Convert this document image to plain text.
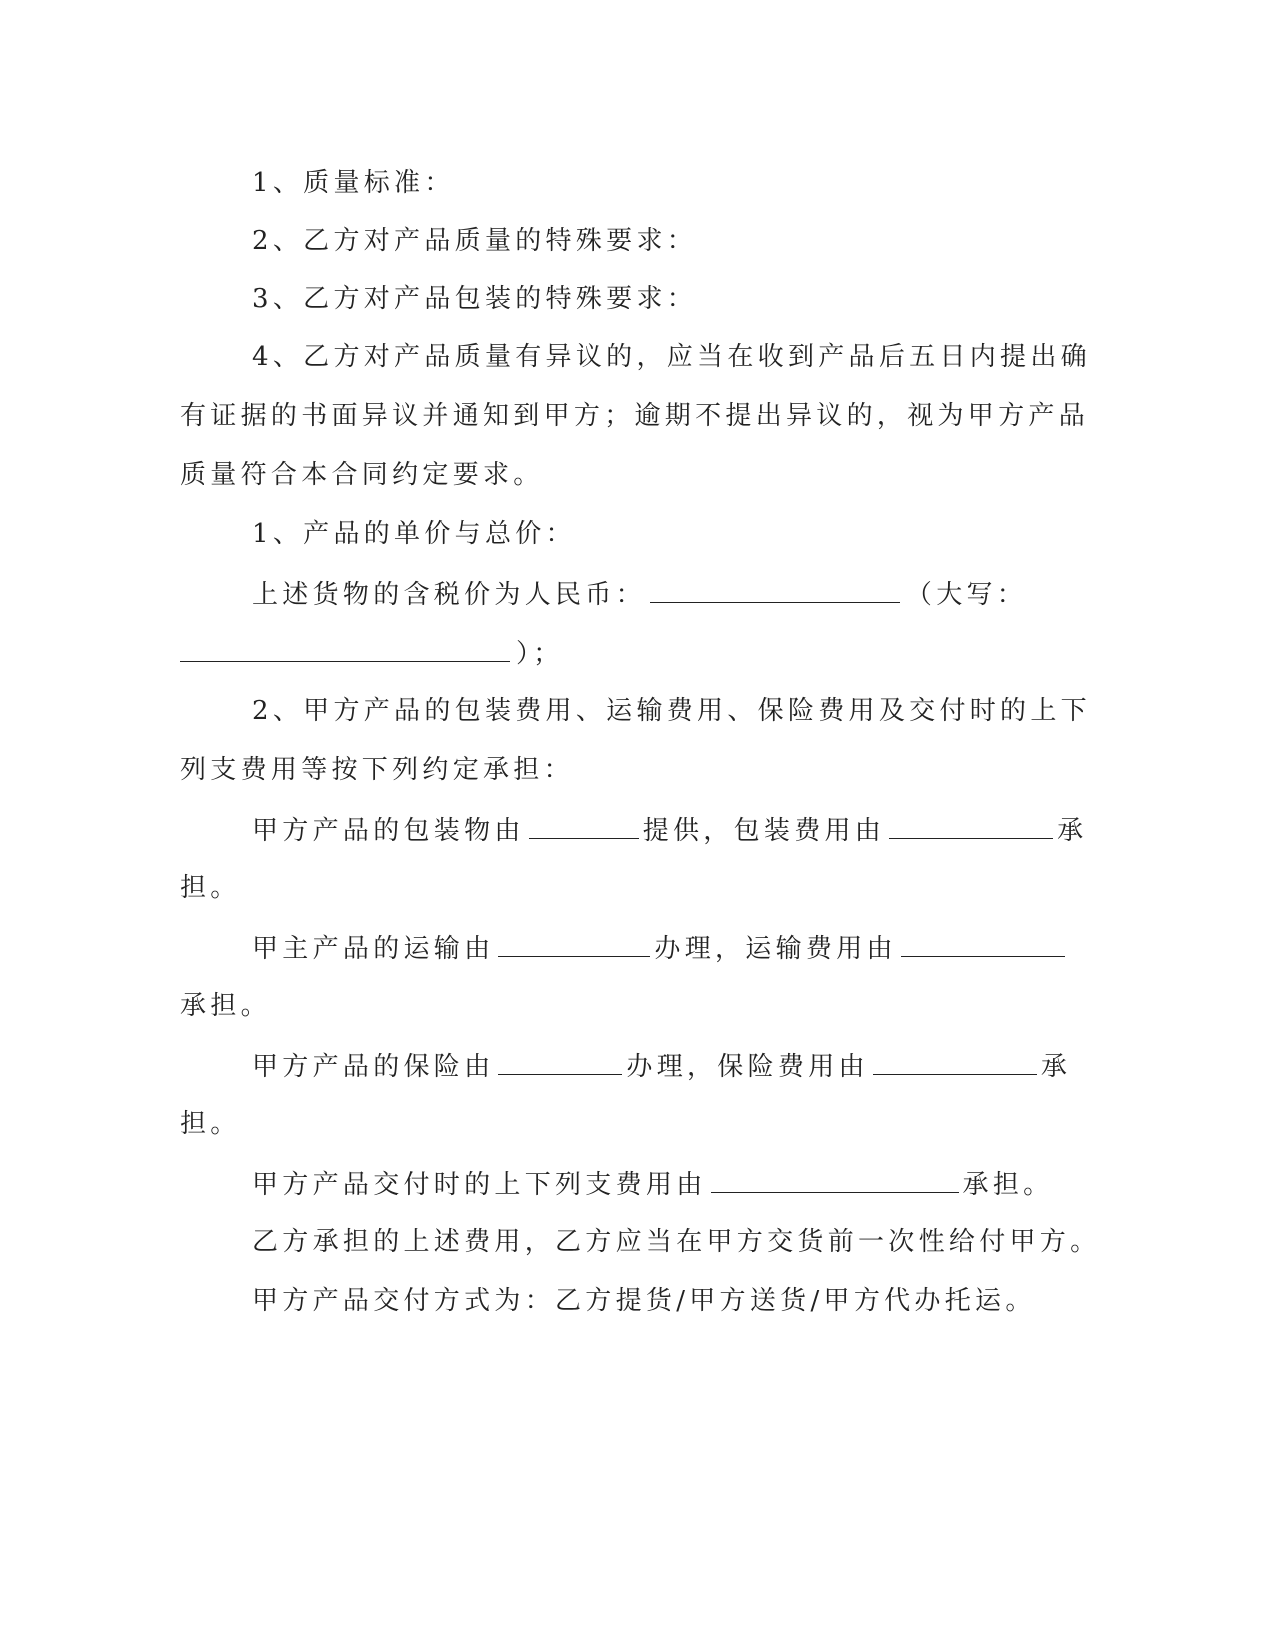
1、质量标准：
2、乙方对产品质量的特殊要求：
3、乙方对产品包装的特殊要求：
4、乙方对产品质量有异议的，应当在收到产品后五日内提出确
有证据的书面异议并通知到甲方；逾期不提出异议的，视为甲方产品
质量符合本合同约定要求。
1、产品的单价与总价：
上述货物的含税价为人民币：	（大写：
）；
2、甲方产品的包装费用、运输费用、保险费用及交付时的上下
列支费用等按下列约定承担：
甲方产品的包装物由	提供，包装费用由	承
担。
甲主产品的运输由	办理，运输费用由
承担。
甲方产品的保险由	办理，保险费用由	承
担。
甲方产品交付时的上下列支费用由	承担。
乙方承担的上述费用，乙方应当在甲方交货前一次性给付甲方。
甲方产品交付方式为：乙方提货/甲方送货/甲方代办托运。
